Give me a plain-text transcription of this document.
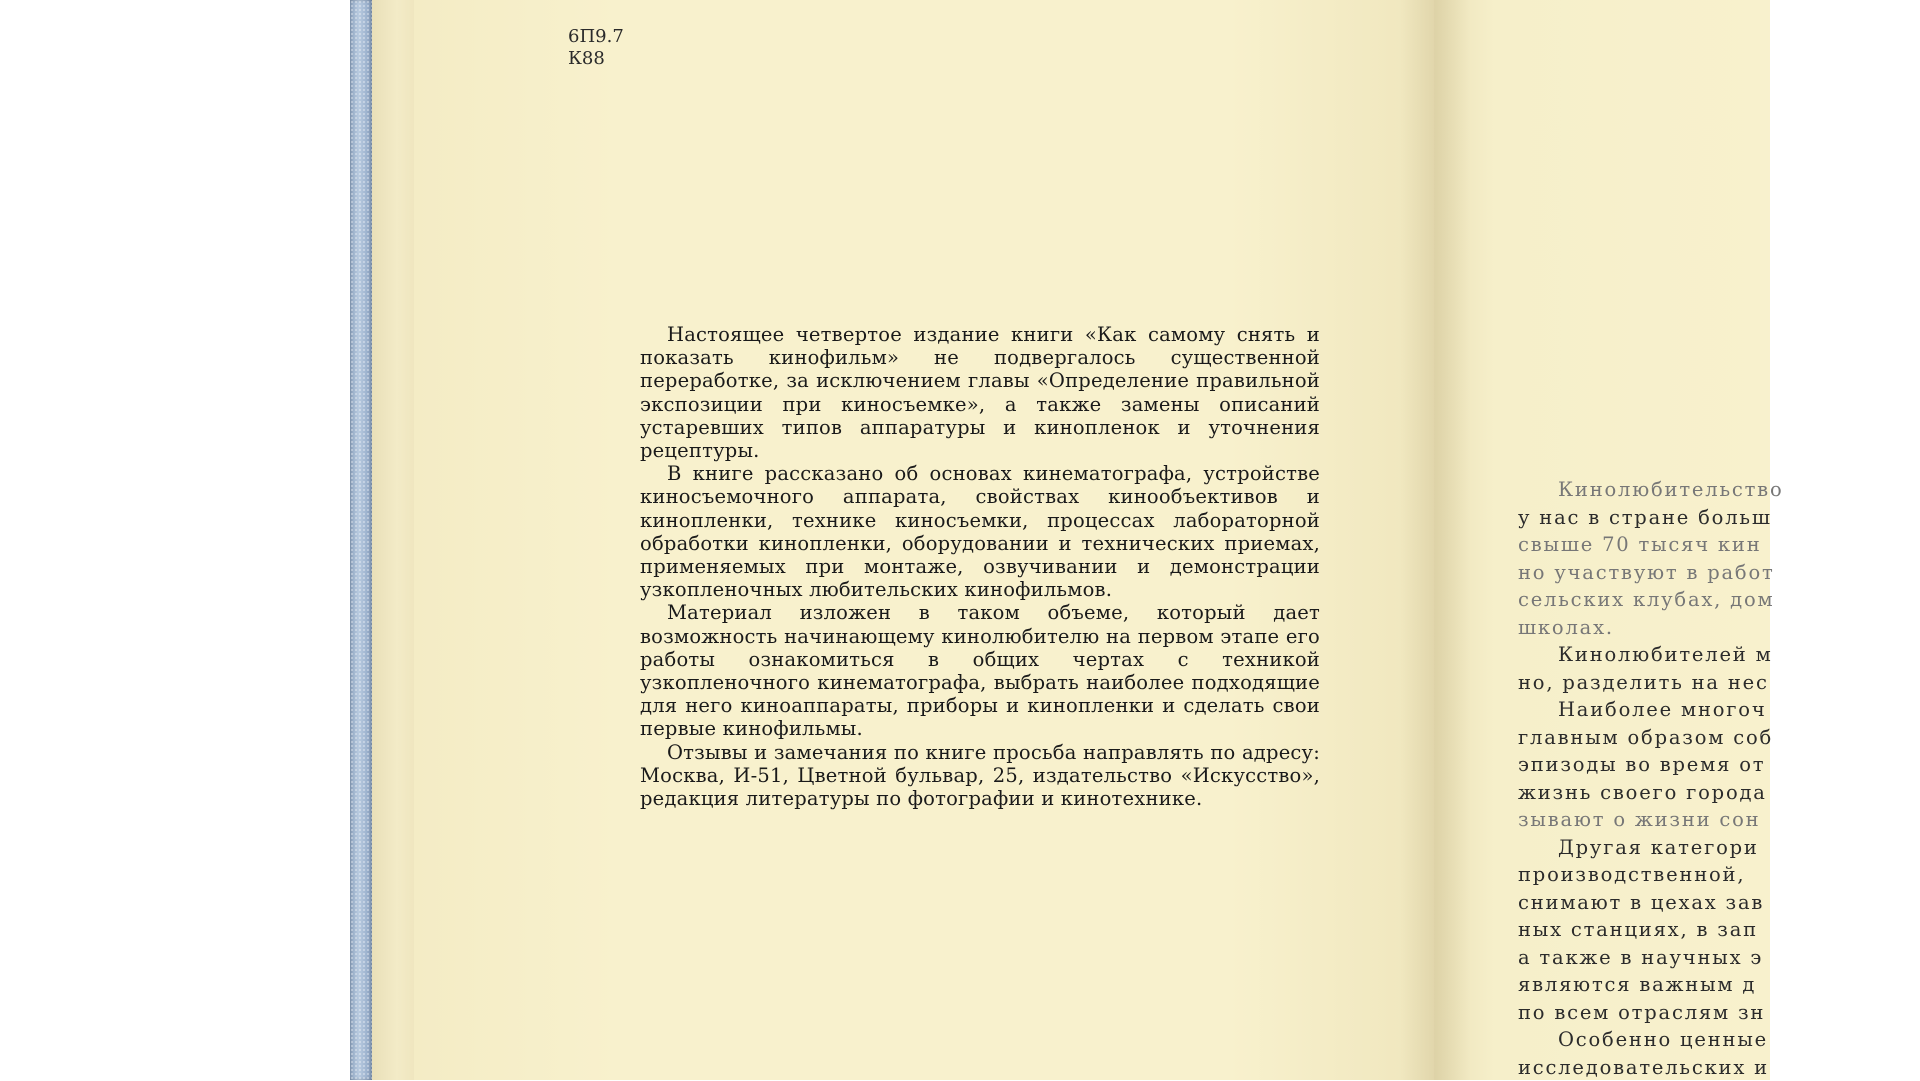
6П9.7
К88

Настоящее четвертое издание книги «Как самому снять и показать кинофильм» не подвергалось существенной переработке, за исключением главы «Определение правильной экспозиции при киносъемке», а также замены описаний устаревших типов аппаратуры и кинопленок и уточнения рецептуры.

В книге рассказано об основах кинематографа, устройстве киносъемочного аппарата, свойствах кинообъективов и кинопленки, технике киносъемки, процессах лабораторной обработки кинопленки, оборудовании и технических приемах, применяемых при монтаже, озвучивании и демонстрации узкопленочных любительских кинофильмов.

Материал изложен в таком объеме, который дает возможность начинающему кинолюбителю на первом этапе его работы ознакомиться в общих чертах с техникой узкопленочного кинематографа, выбрать наиболее подходящие для него киноаппараты, приборы и кинопленки и сделать свои первые кинофильмы.

Отзывы и замечания по книге просьба направлять по адресу: Москва, И-51, Цветной бульвар, 25, издательство «Искусство», редакция литературы по фотографии и кинотехнике.

Кинолюбительство
у нас в стране больш
свыше 70 тысяч кин
но участвуют в работ
сельских клубах, дом
школах.
Кинолюбителей м
но, разделить на нес
Наиболее многоч
главным образом соб
эпизоды во время от
жизнь своего города
зывают о жизни сон
Другая категори
производственной,
снимают в цехах зав
ных станциях, в зап
а также в научных э
являются важным д
по всем отраслям зн
Особенно ценные
исследовательских и
